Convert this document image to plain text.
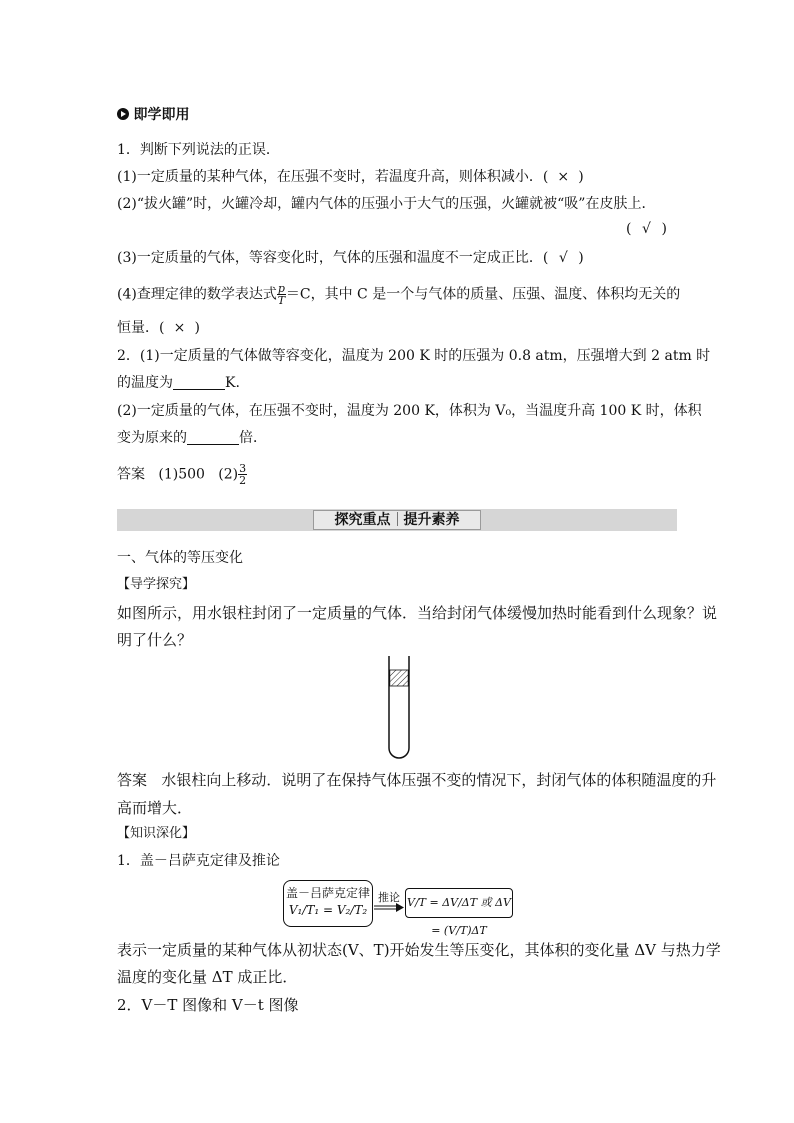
即学即用
1．判断下列说法的正误．
(1)一定质量的某种气体，在压强不变时，若温度升高，则体积减小．( × )
(2)“拔火罐”时，火罐冷却，罐内气体的压强小于大气的压强，火罐就被“吸”在皮肤上．
( √ )
(3)一定质量的气体，等容变化时，气体的压强和温度不一定成正比．( √ )
(4)查理定律的数学表达式 $\frac{p}{T} =C$，其中 C 是一个与气体的质量、压强、温度、体积均无关的
恒量．( × )
2．(1)一定质量的气体做等容变化，温度为 200 K 时的压强为 0.8 atm，压强增大到 2 atm 时
的温度为	K.
(2)一定质量的气体，在压强不变时，温度为 200 K，体积为 V₀，当温度升高 100 K 时，体积
变为原来的	倍．
答案 (1)500 $(2) \frac{3}{2}$
探究重点 提升素养
一、气体的等压变化
【导学探究】
如图所示，用水银柱封闭了一定质量的气体．当给封闭气体缓慢加热时能看到什么现象？说
明了什么？
答案 水银柱向上移动．说明了在保持气体压强不变的情况下，封闭气体的体积随温度的升
高而增大．
【知识深化】
1．盖－吕萨克定律及推论
盖－吕萨克定律
V₁/T₁ = V₂/T₂
推论 V/T = ΔV/ΔT 或 ΔV = (V/T)ΔT
表示一定质量的某种气体从初状态(V、T)开始发生等压变化，其体积的变化量 ΔV 与热力学
温度的变化量 ΔT 成正比．
2．V－T 图像和 V－t 图像
